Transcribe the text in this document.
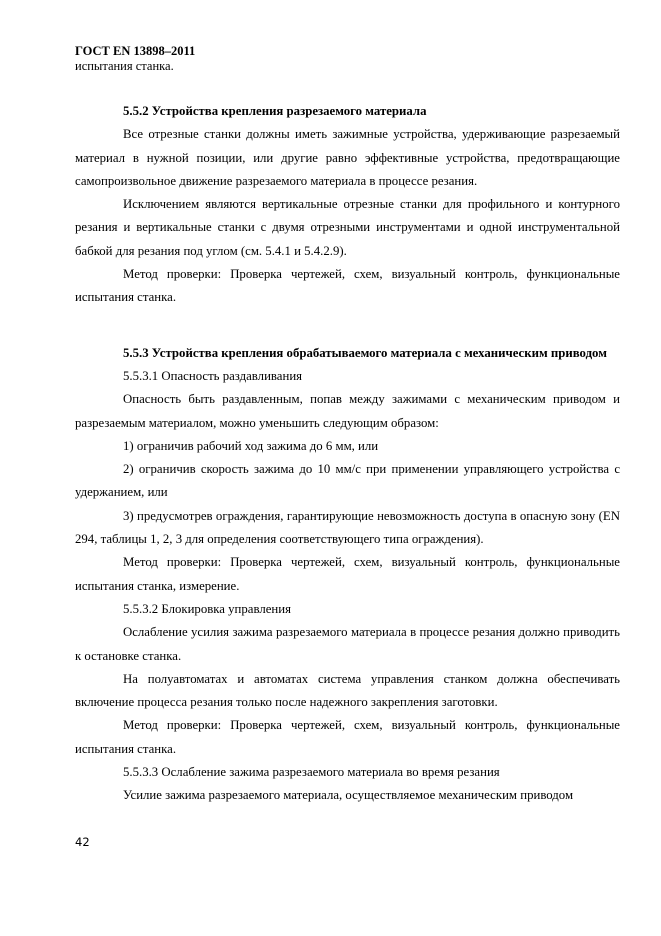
ГОСТ EN 13898–2011
испытания станка.

5.5.2 Устройства крепления разрезаемого материала

Все отрезные станки должны иметь зажимные устройства, удерживающие разрезаемый материал в нужной позиции, или другие равно эффективные устройства, предотвращающие самопроизвольное движение разрезаемого материала в процессе резания.

Исключением являются вертикальные отрезные станки для профильного и контурного резания и вертикальные станки с двумя отрезными инструментами и одной инструментальной бабкой для резания под углом (см. 5.4.1 и 5.4.2.9).

Метод проверки: Проверка чертежей, схем, визуальный контроль, функциональные испытания станка.

5.5.3 Устройства крепления обрабатываемого материала с механическим приводом

5.5.3.1 Опасность раздавливания

Опасность быть раздавленным, попав между зажимами с механическим приводом и разрезаемым материалом, можно уменьшить следующим образом:

1) ограничив рабочий ход зажима до 6 мм, или

2) ограничив скорость зажима до 10 мм/с при применении управляющего устройства с удержанием, или

3) предусмотрев ограждения, гарантирующие невозможность доступа в опасную зону (EN 294, таблицы 1, 2, 3 для определения соответствующего типа ограждения).

Метод проверки: Проверка чертежей, схем, визуальный контроль, функциональные испытания станка, измерение.

5.5.3.2 Блокировка управления

Ослабление усилия зажима разрезаемого материала в процессе резания должно приводить к остановке станка.

На полуавтоматах и автоматах система управления станком должна обеспечивать включение процесса резания только после надежного закрепления заготовки.

Метод проверки: Проверка чертежей, схем, визуальный контроль, функциональные испытания станка.

5.5.3.3 Ослабление зажима разрезаемого материала во время резания

Усилие зажима разрезаемого материала, осуществляемое механическим приводом

42
